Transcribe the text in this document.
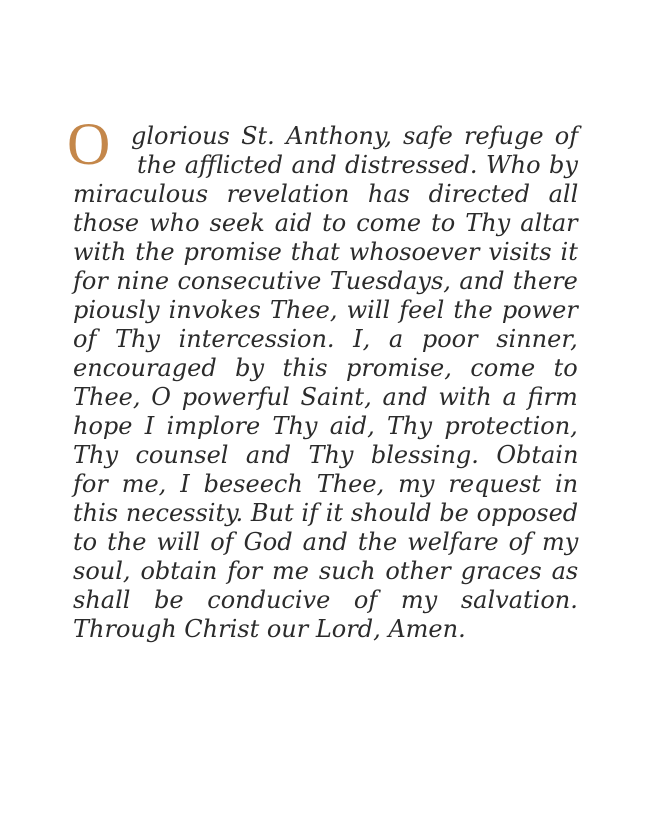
O glorious St. Anthony, safe refuge of
the afflicted and distressed. Who by
miraculous revelation has directed all
those who seek aid to come to Thy altar
with the promise that whosoever visits it
for nine consecutive Tuesdays, and there
piously invokes Thee, will feel the power
of Thy intercession. I, a poor sinner,
encouraged by this promise, come to
Thee, O powerful Saint, and with a firm
hope I implore Thy aid, Thy protection,
Thy counsel and Thy blessing. Obtain
for me, I beseech Thee, my request in
this necessity. But if it should be opposed
to the will of God and the welfare of my
soul, obtain for me such other graces as
shall be conducive of my salvation.
Through Christ our Lord, Amen.
